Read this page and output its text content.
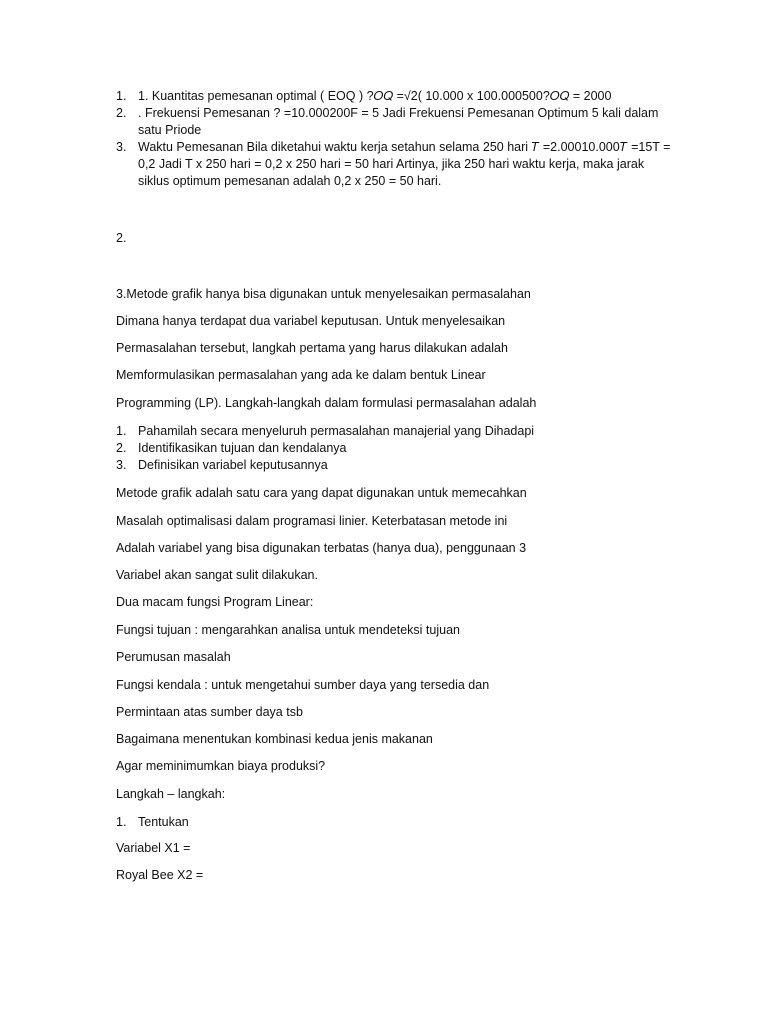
1. 1. Kuantitas pemesanan optimal ( EOQ ) ?𝑂𝑄 =√2( 10.000 x 100.000500?𝑂𝑄 = 2000
2. . Frekuensi Pemesanan ? =10.000200F = 5 Jadi Frekuensi Pemesanan Optimum 5 kali dalam satu Priode
3. Waktu Pemesanan Bila diketahui waktu kerja setahun selama 250 hari 𝑇 =2.00010.000𝑇 =15T = 0,2 Jadi T x 250 hari = 0,2 x 250 hari = 50 hari Artinya, jika 250 hari waktu kerja, maka jarak siklus optimum pemesanan adalah 0,2 x 250 = 50 hari.
2.
3.Metode grafik hanya bisa digunakan untuk menyelesaikan permasalahan
Dimana hanya terdapat dua variabel keputusan. Untuk menyelesaikan
Permasalahan tersebut, langkah pertama yang harus dilakukan adalah
Memformulasikan permasalahan yang ada ke dalam bentuk Linear
Programming (LP). Langkah-langkah dalam formulasi permasalahan adalah
1. Pahamilah secara menyeluruh permasalahan manajerial yang Dihadapi
2. Identifikasikan tujuan dan kendalanya
3. Definisikan variabel keputusannya
Metode grafik adalah satu cara yang dapat digunakan untuk memecahkan
Masalah optimalisasi dalam programasi linier. Keterbatasan metode ini
Adalah variabel yang bisa digunakan terbatas (hanya dua), penggunaan 3
Variabel akan sangat sulit dilakukan.
Dua macam fungsi Program Linear:
Fungsi tujuan : mengarahkan analisa untuk mendeteksi tujuan
Perumusan masalah
Fungsi kendala : untuk mengetahui sumber daya yang tersedia dan
Permintaan atas sumber daya tsb
Bagaimana menentukan kombinasi kedua jenis makanan
Agar meminimumkan biaya produksi?
Langkah – langkah:
1. Tentukan
Variabel X1 =
Royal Bee X2 =
